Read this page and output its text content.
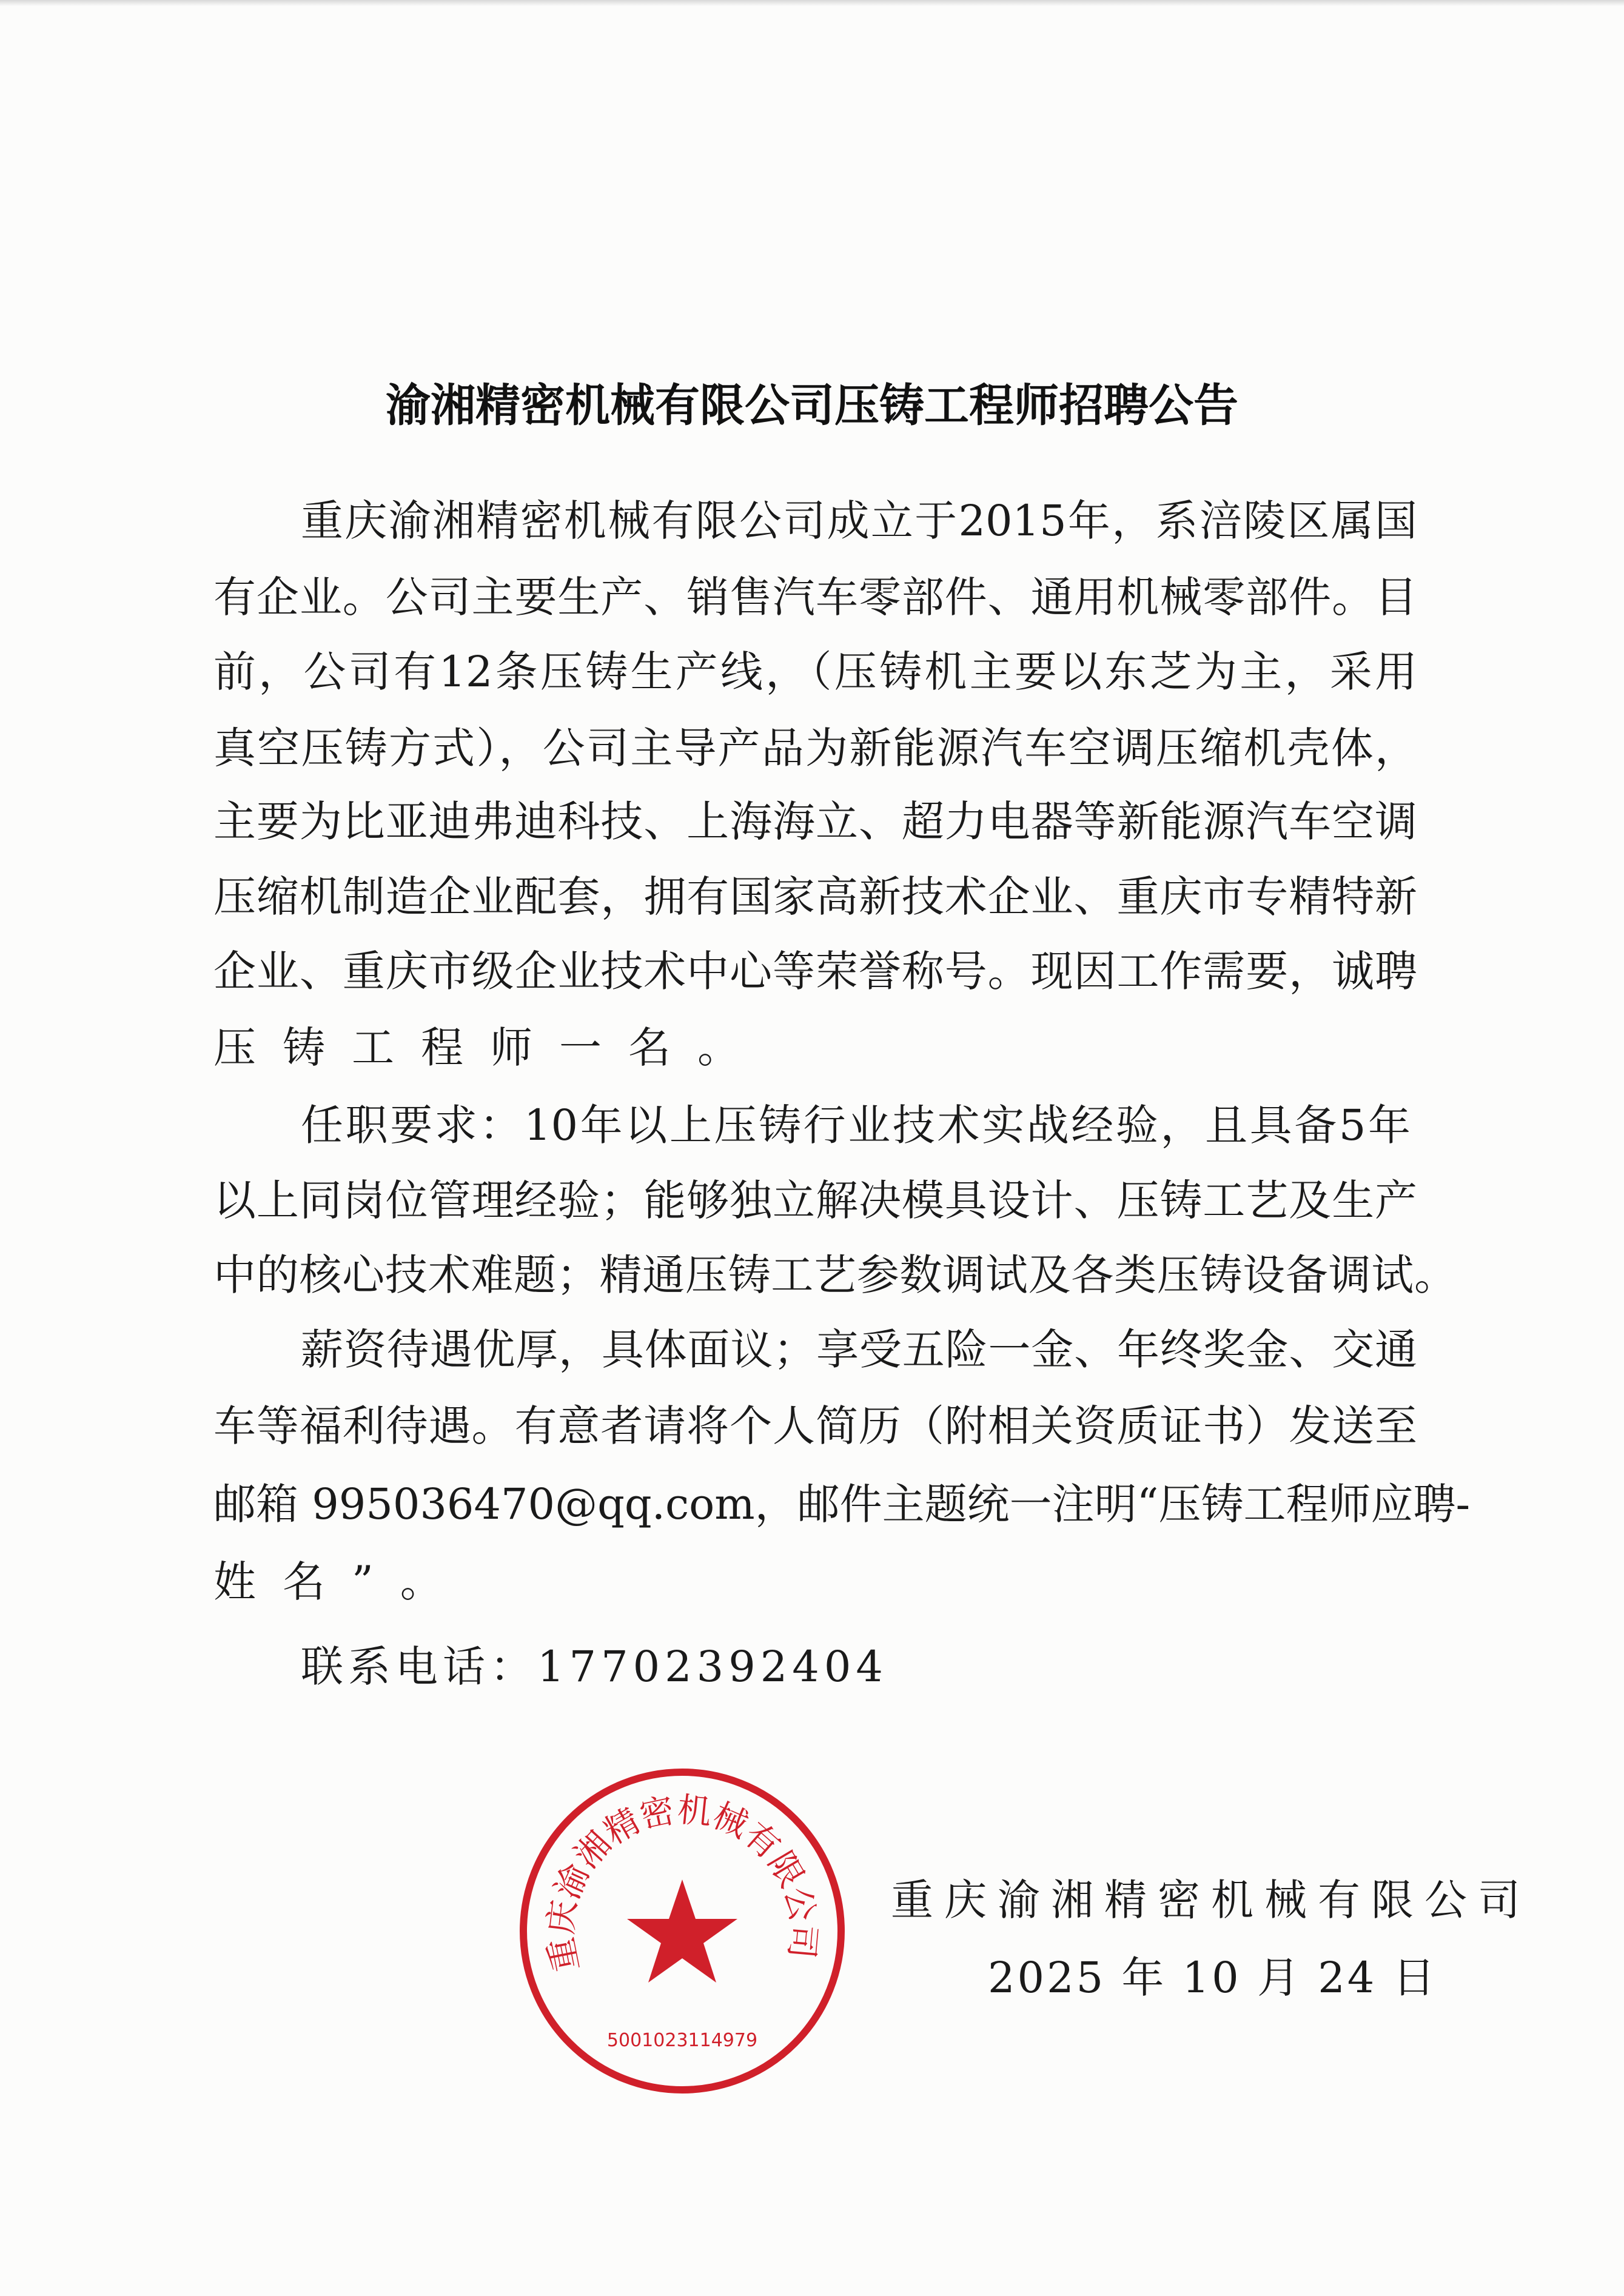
渝湘精密机械有限公司压铸工程师招聘公告
重庆渝湘精密机械有限公司成立于2015年，系涪陵区属国
有企业。公司主要生产、销售汽车零部件、通用机械零部件。目
前，公司有12条压铸生产线，（压铸机主要以东芝为主，采用
真空压铸方式），公司主导产品为新能源汽车空调压缩机壳体，
主要为比亚迪弗迪科技、上海海立、超力电器等新能源汽车空调
压缩机制造企业配套，拥有国家高新技术企业、重庆市专精特新
企业、重庆市级企业技术中心等荣誉称号。现因工作需要，诚聘
压铸工程师一名。
任职要求：10年以上压铸行业技术实战经验，且具备5年
以上同岗位管理经验；能够独立解决模具设计、压铸工艺及生产
中的核心技术难题；精通压铸工艺参数调试及各类压铸设备调试。
薪资待遇优厚，具体面议；享受五险一金、年终奖金、交通
车等福利待遇。有意者请将个人简历（附相关资质证书）发送至
邮箱 995036470@qq.com，邮件主题统一注明“压铸工程师应聘-
姓名”。
联系电话：17702392404
重庆渝湘精密机械有限公司
5001023114979
重庆渝湘精密机械有限公司
2025 年 10 月 24 日
